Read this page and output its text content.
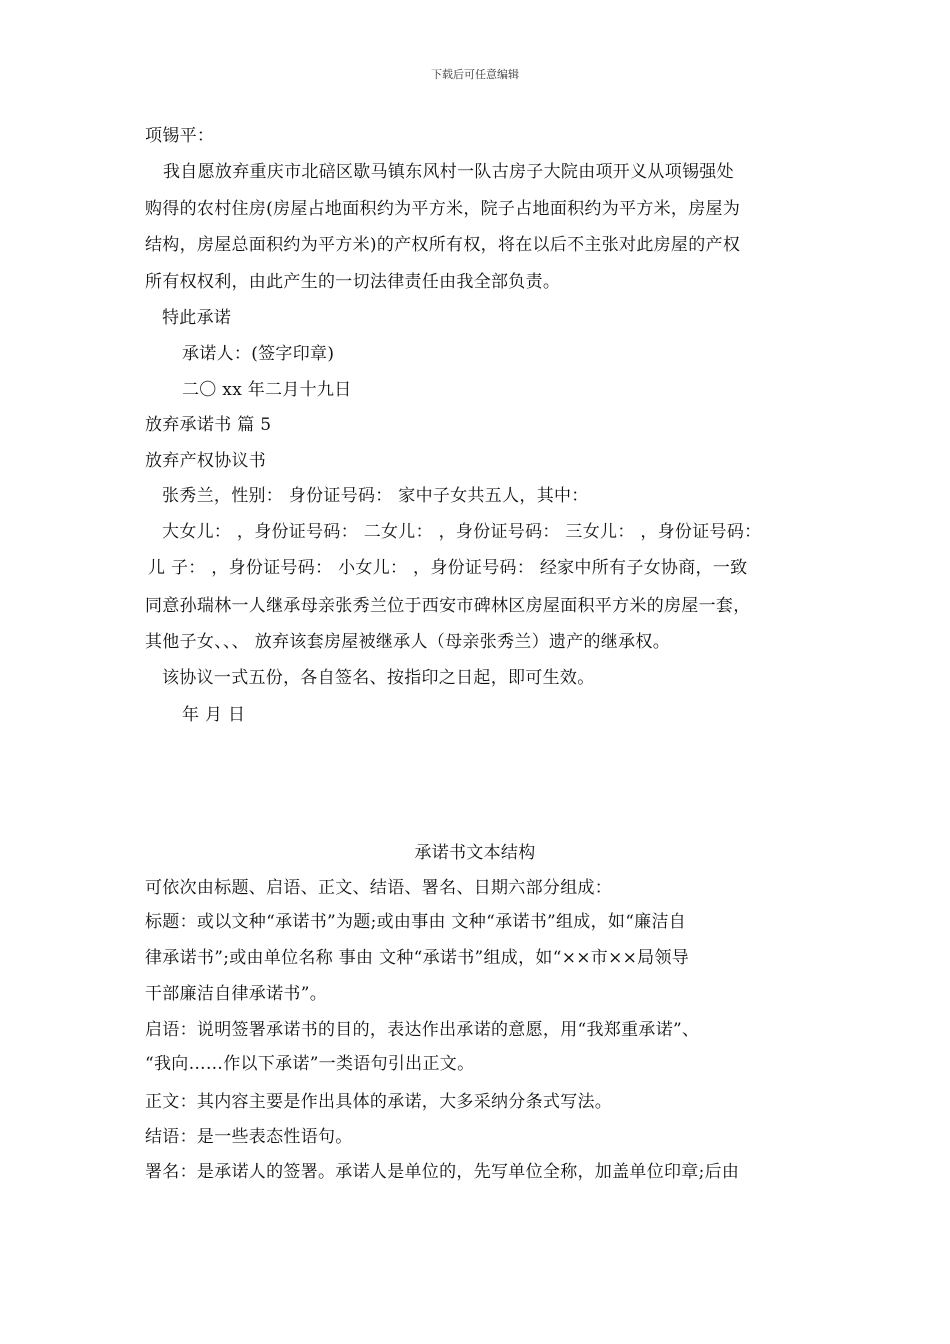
下载后可任意编辑
项锡平：
我自愿放弃重庆市北碚区歇马镇东风村一队古房子大院由项开义从项锡强处
购得的农村住房(房屋占地面积约为平方米，院子占地面积约为平方米，房屋为
结构，房屋总面积约为平方米)的产权所有权，将在以后不主张对此房屋的产权
所有权权利，由此产生的一切法律责任由我全部负责。
特此承诺
承诺人：(签字印章)
二〇 xx 年二月十九日
放弃承诺书 篇 5
放弃产权协议书
张秀兰，性别： 身份证号码： 家中子女共五人，其中：
大女儿： ，身份证号码： 二女儿： ，身份证号码： 三女儿： ，身份证号码：
儿 子： ，身份证号码： 小女儿： ，身份证号码： 经家中所有子女协商，一致
同意孙瑞林一人继承母亲张秀兰位于西安市碑林区房屋面积平方米的房屋一套，
其他子女、、、 放弃该套房屋被继承人（母亲张秀兰）遗产的继承权。
该协议一式五份，各自签名、按指印之日起，即可生效。
年 月 日
承诺书文本结构
可依次由标题、启语、正文、结语、署名、日期六部分组成：
标题：或以文种“承诺书”为题;或由事由 文种“承诺书”组成，如“廉洁自
律承诺书”;或由单位名称 事由 文种“承诺书”组成，如“××市××局领导
干部廉洁自律承诺书”。
启语：说明签署承诺书的目的，表达作出承诺的意愿，用“我郑重承诺”、
“我向……作以下承诺”一类语句引出正文。
正文：其内容主要是作出具体的承诺，大多采纳分条式写法。
结语：是一些表态性语句。
署名：是承诺人的签署。承诺人是单位的，先写单位全称，加盖单位印章;后由
